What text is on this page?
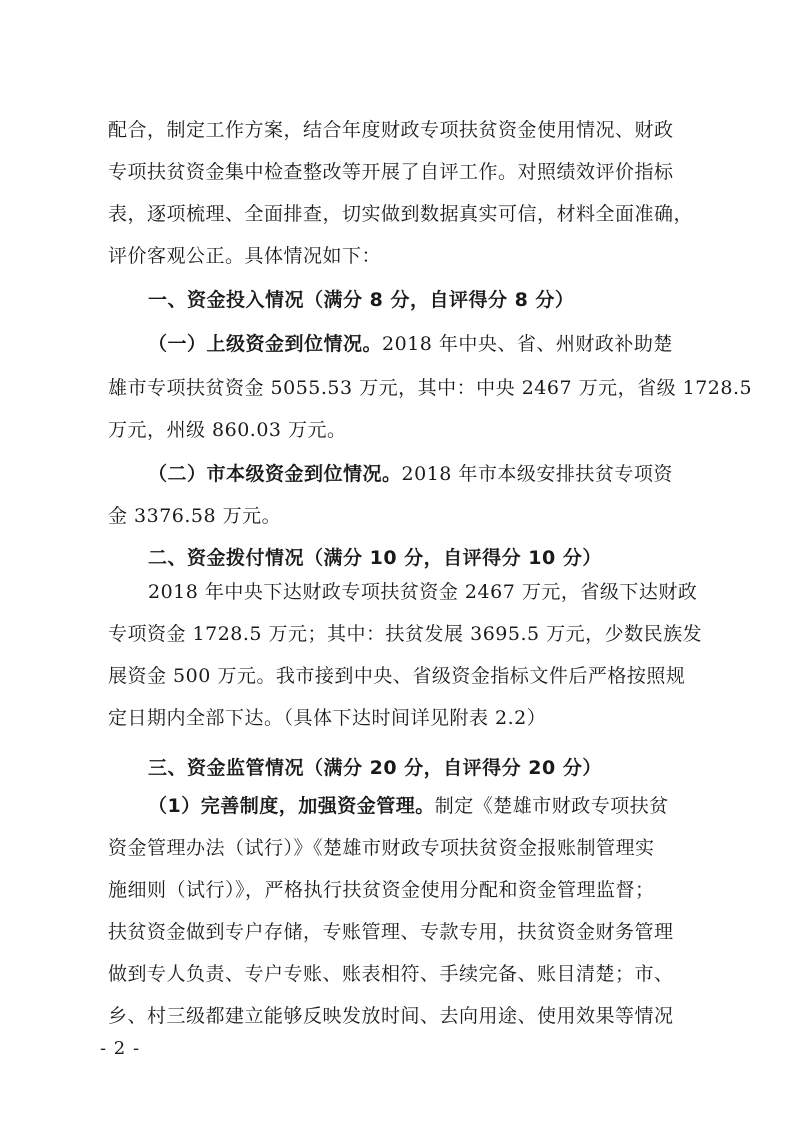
配合，制定工作方案，结合年度财政专项扶贫资金使用情况、财政
专项扶贫资金集中检查整改等开展了自评工作。对照绩效评价指标
表，逐项梳理、全面排查，切实做到数据真实可信，材料全面准确，
评价客观公正。具体情况如下：
一、资金投入情况（满分 8 分，自评得分 8 分）
（一）上级资金到位情况。2018 年中央、省、州财政补助楚
雄市专项扶贫资金 5055.53 万元，其中：中央 2467 万元，省级 1728.5
万元，州级 860.03 万元。
（二）市本级资金到位情况。2018 年市本级安排扶贫专项资
金 3376.58 万元。
二、资金拨付情况（满分 10 分，自评得分 10 分）
2018 年中央下达财政专项扶贫资金 2467 万元，省级下达财政
专项资金 1728.5 万元；其中：扶贫发展 3695.5 万元，少数民族发
展资金 500 万元。我市接到中央、省级资金指标文件后严格按照规
定日期内全部下达。（具体下达时间详见附表 2.2）
三、资金监管情况（满分 20 分，自评得分 20 分）
（1）完善制度，加强资金管理。制定《楚雄市财政专项扶贫
资金管理办法（试行）》《楚雄市财政专项扶贫资金报账制管理实
施细则（试行）》，严格执行扶贫资金使用分配和资金管理监督；
扶贫资金做到专户存储，专账管理、专款专用，扶贫资金财务管理
做到专人负责、专户专账、账表相符、手续完备、账目清楚；市、
乡、村三级都建立能够反映发放时间、去向用途、使用效果等情况
- 2 -
